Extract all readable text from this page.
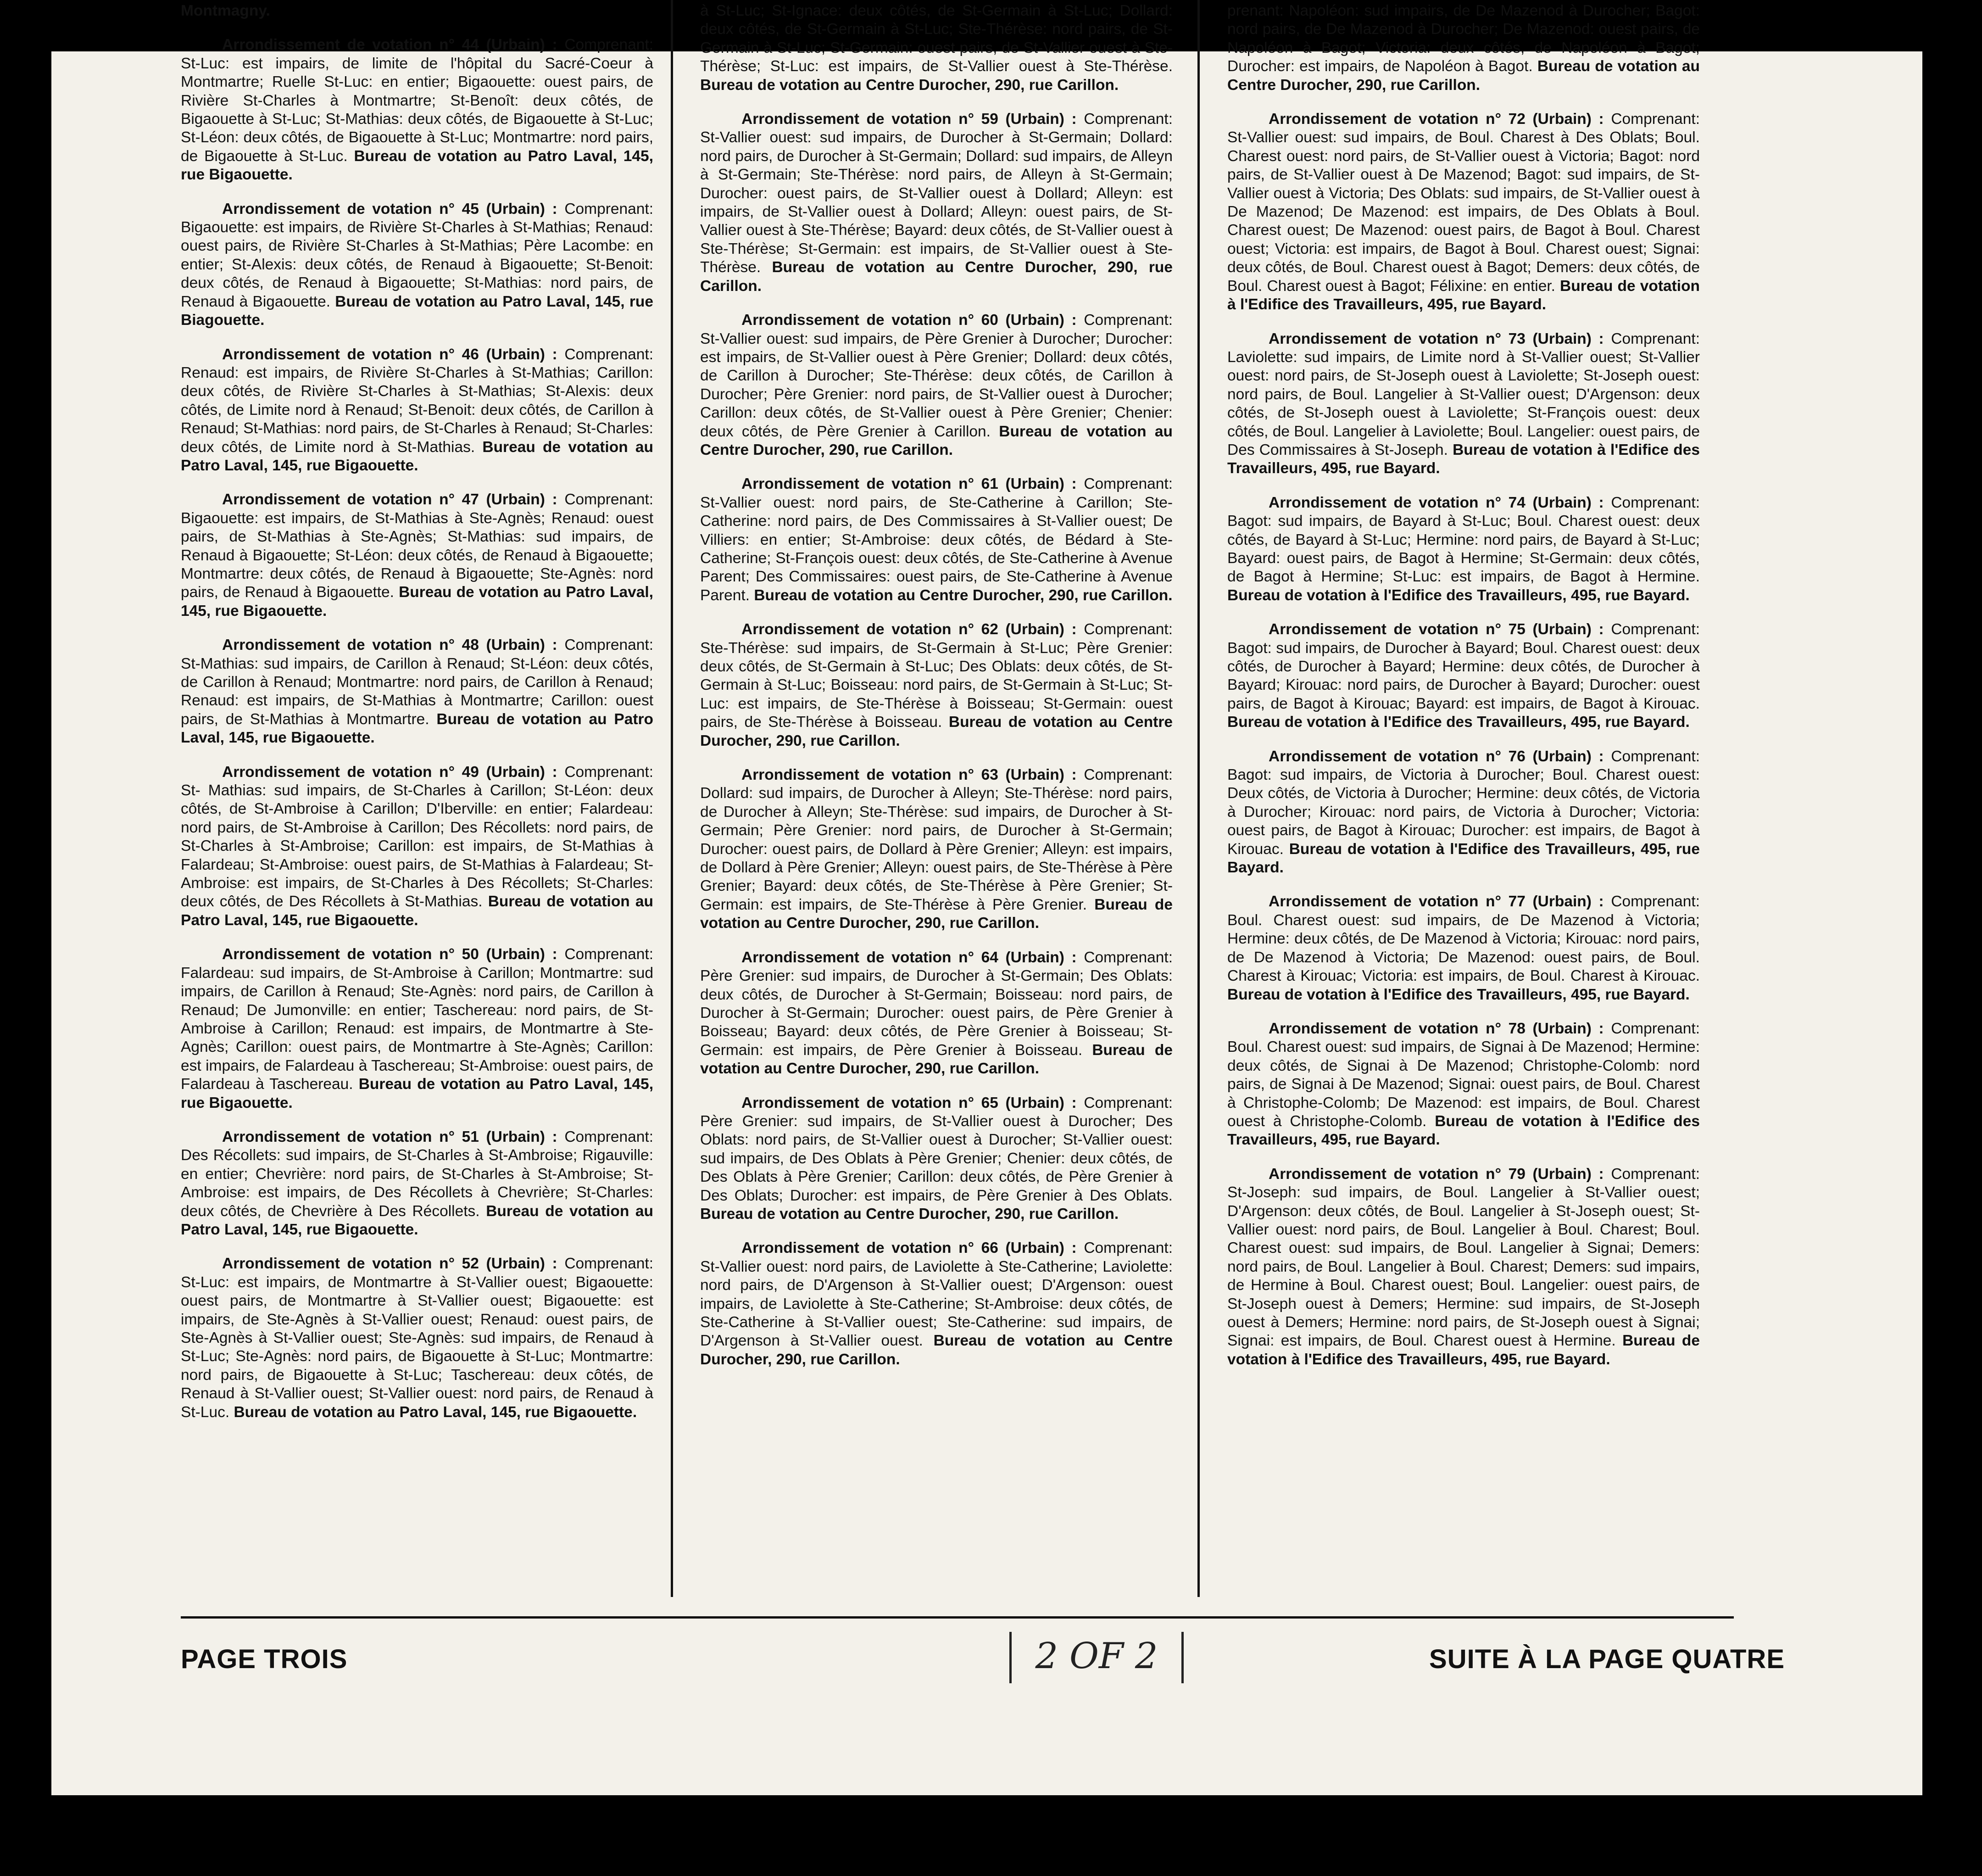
Montmagny.

Arrondissement de votation n° 44 (Urbain) : Comprenant: St-Luc: est impairs, de limite de l'hôpital du Sacré-Coeur à Montmartre; Ruelle St-Luc: en entier; Bigaouette: ouest pairs, de Rivière St-Charles à Montmartre; St-Benoît: deux côtés, de Bigaouette à St-Luc; St-Mathias: deux côtés, de Bigaouette à St-Luc; St-Léon: deux côtés, de Bigaouette à St-Luc; Montmartre: nord pairs, de Bigaouette à St-Luc. Bureau de votation au Patro Laval, 145, rue Bigaouette.

Arrondissement de votation n° 45 (Urbain) : Comprenant: Bigaouette: est impairs, de Rivière St-Charles à St-Mathias; Renaud: ouest pairs, de Rivière St-Charles à St-Mathias; Père Lacombe: en entier; St-Alexis: deux côtés, de Renaud à Bigaouette; St-Benoit: deux côtés, de Renaud à Bigaouette; St-Mathias: nord pairs, de Renaud à Bigaouette. Bureau de votation au Patro Laval, 145, rue Biagouette.

Arrondissement de votation n° 46 (Urbain) : Comprenant: Renaud: est impairs, de Rivière St-Charles à St-Mathias; Carillon: deux côtés, de Rivière St-Charles à St-Mathias; St-Alexis: deux côtés, de Limite nord à Renaud; St-Benoit: deux côtés, de Carillon à Renaud; St-Mathias: nord pairs, de St-Charles à Renaud; St-Charles: deux côtés, de Limite nord à St-Mathias. Bureau de votation au Patro Laval, 145, rue Bigaouette.

Arrondissement de votation n° 47 (Urbain) : Comprenant: Bigaouette: est impairs, de St-Mathias à Ste-Agnès; Renaud: ouest pairs, de St-Mathias à Ste-Agnès; St-Mathias: sud impairs, de Renaud à Bigaouette; St-Léon: deux côtés, de Renaud à Bigaouette; Montmartre: deux côtés, de Renaud à Bigaouette; Ste-Agnès: nord pairs, de Renaud à Bigaouette. Bureau de votation au Patro Laval, 145, rue Bigaouette.

Arrondissement de votation n° 48 (Urbain) : Comprenant: St-Mathias: sud impairs, de Carillon à Renaud; St-Léon: deux côtés, de Carillon à Renaud; Montmartre: nord pairs, de Carillon à Renaud; Renaud: est impairs, de St-Mathias à Montmartre; Carillon: ouest pairs, de St-Mathias à Montmartre. Bureau de votation au Patro Laval, 145, rue Bigaouette.

Arrondissement de votation n° 49 (Urbain) : Comprenant: St- Mathias: sud impairs, de St-Charles à Carillon; St-Léon: deux côtés, de St-Ambroise à Carillon; D'Iberville: en entier; Falardeau: nord pairs, de St-Ambroise à Carillon; Des Récollets: nord pairs, de St-Charles à St-Ambroise; Carillon: est impairs, de St-Mathias à Falardeau; St-Ambroise: ouest pairs, de St-Mathias à Falardeau; St-Ambroise: est impairs, de St-Charles à Des Récollets; St-Charles: deux côtés, de Des Récollets à St-Mathias. Bureau de votation au Patro Laval, 145, rue Bigaouette.

Arrondissement de votation n° 50 (Urbain) : Comprenant: Falardeau: sud impairs, de St-Ambroise à Carillon; Montmartre: sud impairs, de Carillon à Renaud; Ste-Agnès: nord pairs, de Carillon à Renaud; De Jumonville: en entier; Taschereau: nord pairs, de St-Ambroise à Carillon; Renaud: est impairs, de Montmartre à Ste-Agnès; Carillon: ouest pairs, de Montmartre à Ste-Agnès; Carillon: est impairs, de Falardeau à Taschereau; St-Ambroise: ouest pairs, de Falardeau à Taschereau. Bureau de votation au Patro Laval, 145, rue Bigaouette.

Arrondissement de votation n° 51 (Urbain) : Comprenant: Des Récollets: sud impairs, de St-Charles à St-Ambroise; Rigauville: en entier; Chevrière: nord pairs, de St-Charles à St-Ambroise; St-Ambroise: est impairs, de Des Récollets à Chevrière; St-Charles: deux côtés, de Chevrière à Des Récollets. Bureau de votation au Patro Laval, 145, rue Bigaouette.

Arrondissement de votation n° 52 (Urbain) : Comprenant: St-Luc: est impairs, de Montmartre à St-Vallier ouest; Bigaouette: ouest pairs, de Montmartre à St-Vallier ouest; Bigaouette: est impairs, de Ste-Agnès à St-Vallier ouest; Renaud: ouest pairs, de Ste-Agnès à St-Vallier ouest; Ste-Agnès: sud impairs, de Renaud à St-Luc; Ste-Agnès: nord pairs, de Bigaouette à St-Luc; Montmartre: nord pairs, de Bigaouette à St-Luc; Taschereau: deux côtés, de Renaud à St-Vallier ouest; St-Vallier ouest: nord pairs, de Renaud à St-Luc. Bureau de votation au Patro Laval, 145, rue Bigaouette.

à St-Luc; St-Ignace: deux côtés, de St-Germain à St-Luc; Dollard: deux côtés, de St-Germain à St-Luc; Ste-Thérèse: nord pairs, de St-Germain à St-Luc; St-Germain: ouest pairs, de St-Vallier ouest à Ste-Thérèse; St-Luc: est impairs, de St-Vallier ouest à Ste-Thérèse. Bureau de votation au Centre Durocher, 290, rue Carillon.

Arrondissement de votation n° 59 (Urbain) : Comprenant: St-Vallier ouest: sud impairs, de Durocher à St-Germain; Dollard: nord pairs, de Durocher à St-Germain; Dollard: sud impairs, de Alleyn à St-Germain; Ste-Thérèse: nord pairs, de Alleyn à St-Germain; Durocher: ouest pairs, de St-Vallier ouest à Dollard; Alleyn: est impairs, de St-Vallier ouest à Dollard; Alleyn: ouest pairs, de St-Vallier ouest à Ste-Thérèse; Bayard: deux côtés, de St-Vallier ouest à Ste-Thérèse; St-Germain: est impairs, de St-Vallier ouest à Ste-Thérèse. Bureau de votation au Centre Durocher, 290, rue Carillon.

Arrondissement de votation n° 60 (Urbain) : Comprenant: St-Vallier ouest: sud impairs, de Père Grenier à Durocher; Durocher: est impairs, de St-Vallier ouest à Père Grenier; Dollard: deux côtés, de Carillon à Durocher; Ste-Thérèse: deux côtés, de Carillon à Durocher; Père Grenier: nord pairs, de St-Vallier ouest à Durocher; Carillon: deux côtés, de St-Vallier ouest à Père Grenier; Chenier: deux côtés, de Père Grenier à Carillon. Bureau de votation au Centre Durocher, 290, rue Carillon.

Arrondissement de votation n° 61 (Urbain) : Comprenant: St-Vallier ouest: nord pairs, de Ste-Catherine à Carillon; Ste-Catherine: nord pairs, de Des Commissaires à St-Vallier ouest; De Villiers: en entier; St-Ambroise: deux côtés, de Bédard à Ste-Catherine; St-François ouest: deux côtés, de Ste-Catherine à Avenue Parent; Des Commissaires: ouest pairs, de Ste-Catherine à Avenue Parent. Bureau de votation au Centre Durocher, 290, rue Carillon.

Arrondissement de votation n° 62 (Urbain) : Comprenant: Ste-Thérèse: sud impairs, de St-Germain à St-Luc; Père Grenier: deux côtés, de St-Germain à St-Luc; Des Oblats: deux côtés, de St-Germain à St-Luc; Boisseau: nord pairs, de St-Germain à St-Luc; St-Luc: est impairs, de Ste-Thérèse à Boisseau; St-Germain: ouest pairs, de Ste-Thérèse à Boisseau. Bureau de votation au Centre Durocher, 290, rue Carillon.

Arrondissement de votation n° 63 (Urbain) : Comprenant: Dollard: sud impairs, de Durocher à Alleyn; Ste-Thérèse: nord pairs, de Durocher à Alleyn; Ste-Thérèse: sud impairs, de Durocher à St-Germain; Père Grenier: nord pairs, de Durocher à St-Germain; Durocher: ouest pairs, de Dollard à Père Grenier; Alleyn: est impairs, de Dollard à Père Grenier; Alleyn: ouest pairs, de Ste-Thérèse à Père Grenier; Bayard: deux côtés, de Ste-Thérèse à Père Grenier; St-Germain: est impairs, de Ste-Thérèse à Père Grenier. Bureau de votation au Centre Durocher, 290, rue Carillon.

Arrondissement de votation n° 64 (Urbain) : Comprenant: Père Grenier: sud impairs, de Durocher à St-Germain; Des Oblats: deux côtés, de Durocher à St-Germain; Boisseau: nord pairs, de Durocher à St-Germain; Durocher: ouest pairs, de Père Grenier à Boisseau; Bayard: deux côtés, de Père Grenier à Boisseau; St-Germain: est impairs, de Père Grenier à Boisseau. Bureau de votation au Centre Durocher, 290, rue Carillon.

Arrondissement de votation n° 65 (Urbain) : Comprenant: Père Grenier: sud impairs, de St-Vallier ouest à Durocher; Des Oblats: nord pairs, de St-Vallier ouest à Durocher; St-Vallier ouest: sud impairs, de Des Oblats à Père Grenier; Chenier: deux côtés, de Des Oblats à Père Grenier; Carillon: deux côtés, de Père Grenier à Des Oblats; Durocher: est impairs, de Père Grenier à Des Oblats. Bureau de votation au Centre Durocher, 290, rue Carillon.

Arrondissement de votation n° 66 (Urbain) : Comprenant: St-Vallier ouest: nord pairs, de Laviolette à Ste-Catherine; Laviolette: nord pairs, de D'Argenson à St-Vallier ouest; D'Argenson: ouest impairs, de Laviolette à Ste-Catherine; St-Ambroise: deux côtés, de Ste-Catherine à St-Vallier ouest; Ste-Catherine: sud impairs, de D'Argenson à St-Vallier ouest. Bureau de votation au Centre Durocher, 290, rue Carillon.

prenant: Napoléon: sud impairs, de De Mazenod à Durocher; Bagot: nord pairs, de De Mazenod à Durocher; De Mazenod: ouest pairs, de Napoléon à Bagot; Victoria: deux côtés, de Napoléon à Bagot; Durocher: est impairs, de Napoléon à Bagot. Bureau de votation au Centre Durocher, 290, rue Carillon.

Arrondissement de votation n° 72 (Urbain) : Comprenant: St-Vallier ouest: sud impairs, de Boul. Charest à Des Oblats; Boul. Charest ouest: nord pairs, de St-Vallier ouest à Victoria; Bagot: nord pairs, de St-Vallier ouest à De Mazenod; Bagot: sud impairs, de St-Vallier ouest à Victoria; Des Oblats: sud impairs, de St-Vallier ouest à De Mazenod; De Mazenod: est impairs, de Des Oblats à Boul. Charest ouest; De Mazenod: ouest pairs, de Bagot à Boul. Charest ouest; Victoria: est impairs, de Bagot à Boul. Charest ouest; Signai: deux côtés, de Boul. Charest ouest à Bagot; Demers: deux côtés, de Boul. Charest ouest à Bagot; Félixine: en entier. Bureau de votation à l'Edifice des Travailleurs, 495, rue Bayard.

Arrondissement de votation n° 73 (Urbain) : Comprenant: Laviolette: sud impairs, de Limite nord à St-Vallier ouest; St-Vallier ouest: nord pairs, de St-Joseph ouest à Laviolette; St-Joseph ouest: nord pairs, de Boul. Langelier à St-Vallier ouest; D'Argenson: deux côtés, de St-Joseph ouest à Laviolette; St-François ouest: deux côtés, de Boul. Langelier à Laviolette; Boul. Langelier: ouest pairs, de Des Commissaires à St-Joseph. Bureau de votation à l'Edifice des Travailleurs, 495, rue Bayard.

Arrondissement de votation n° 74 (Urbain) : Comprenant: Bagot: sud impairs, de Bayard à St-Luc; Boul. Charest ouest: deux côtés, de Bayard à St-Luc; Hermine: nord pairs, de Bayard à St-Luc; Bayard: ouest pairs, de Bagot à Hermine; St-Germain: deux côtés, de Bagot à Hermine; St-Luc: est impairs, de Bagot à Hermine. Bureau de votation à l'Edifice des Travailleurs, 495, rue Bayard.

Arrondissement de votation n° 75 (Urbain) : Comprenant: Bagot: sud impairs, de Durocher à Bayard; Boul. Charest ouest: deux côtés, de Durocher à Bayard; Hermine: deux côtés, de Durocher à Bayard; Kirouac: nord pairs, de Durocher à Bayard; Durocher: ouest pairs, de Bagot à Kirouac; Bayard: est impairs, de Bagot à Kirouac. Bureau de votation à l'Edifice des Travailleurs, 495, rue Bayard.

Arrondissement de votation n° 76 (Urbain) : Comprenant: Bagot: sud impairs, de Victoria à Durocher; Boul. Charest ouest: Deux côtés, de Victoria à Durocher; Hermine: deux côtés, de Victoria à Durocher; Kirouac: nord pairs, de Victoria à Durocher; Victoria: ouest pairs, de Bagot à Kirouac; Durocher: est impairs, de Bagot à Kirouac. Bureau de votation à l'Edifice des Travailleurs, 495, rue Bayard.

Arrondissement de votation n° 77 (Urbain) : Comprenant: Boul. Charest ouest: sud impairs, de De Mazenod à Victoria; Hermine: deux côtés, de De Mazenod à Victoria; Kirouac: nord pairs, de De Mazenod à Victoria; De Mazenod: ouest pairs, de Boul. Charest à Kirouac; Victoria: est impairs, de Boul. Charest à Kirouac. Bureau de votation à l'Edifice des Travailleurs, 495, rue Bayard.

Arrondissement de votation n° 78 (Urbain) : Comprenant: Boul. Charest ouest: sud impairs, de Signai à De Mazenod; Hermine: deux côtés, de Signai à De Mazenod; Christophe-Colomb: nord pairs, de Signai à De Mazenod; Signai: ouest pairs, de Boul. Charest à Christophe-Colomb; De Mazenod: est impairs, de Boul. Charest ouest à Christophe-Colomb. Bureau de votation à l'Edifice des Travailleurs, 495, rue Bayard.

Arrondissement de votation n° 79 (Urbain) : Comprenant: St-Joseph: sud impairs, de Boul. Langelier à St-Vallier ouest; D'Argenson: deux côtés, de Boul. Langelier à St-Joseph ouest; St-Vallier ouest: nord pairs, de Boul. Langelier à Boul. Charest; Boul. Charest ouest: sud impairs, de Boul. Langelier à Signai; Demers: nord pairs, de Boul. Langelier à Boul. Charest; Demers: sud impairs, de Hermine à Boul. Charest ouest; Boul. Langelier: ouest pairs, de St-Joseph ouest à Demers; Hermine: sud impairs, de St-Joseph ouest à Demers; Hermine: nord pairs, de St-Joseph ouest à Signai; Signai: est impairs, de Boul. Charest ouest à Hermine. Bureau de votation à l'Edifice des Travailleurs, 495, rue Bayard.

PAGE TROIS	2 OF 2	SUITE À LA PAGE QUATRE
